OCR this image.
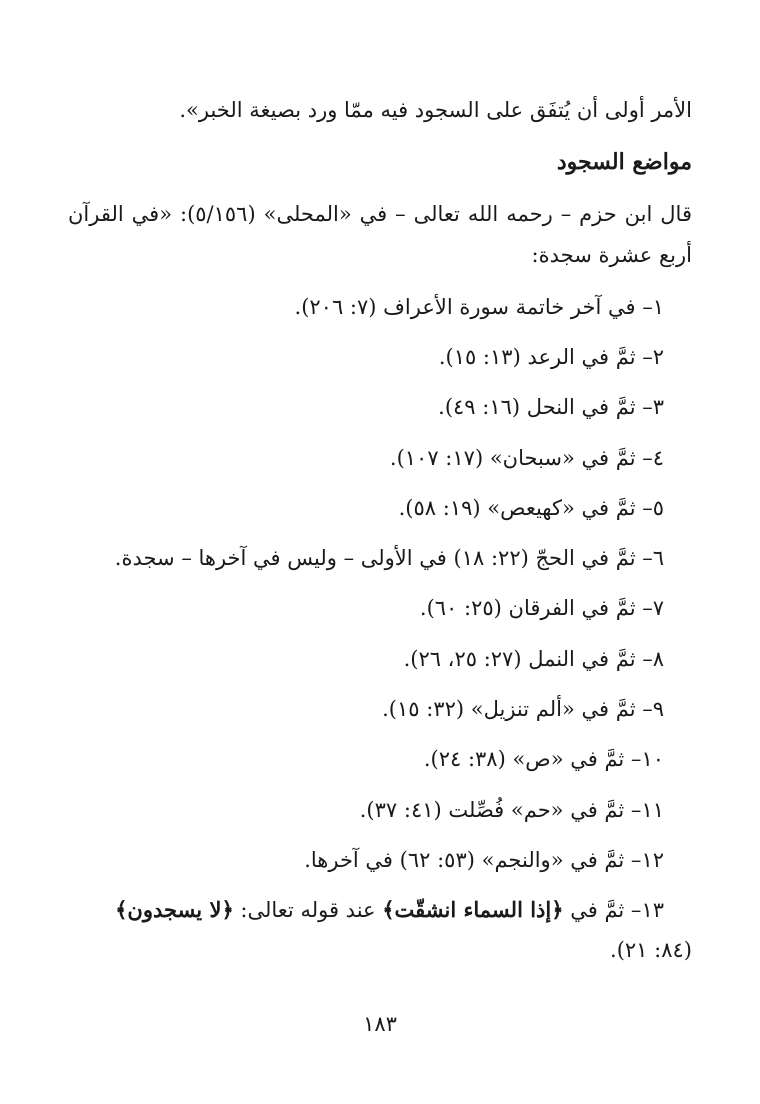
الأمر أولى أن يُتفَق على السجود فيه ممّا ورد بصيغة الخبر».
مواضع السجود
قال ابن حزم – رحمه الله تعالى – في «المحلى» (٥/١٥٦): «في القرآن
أربع عشرة سجدة:
١– في آخر خاتمة سورة الأعراف (٧: ٢٠٦).
٢– ثمَّ في الرعد (١٣: ١٥).
٣– ثمَّ في النحل (١٦: ٤٩).
٤– ثمَّ في «سبحان» (١٧: ١٠٧).
٥– ثمَّ في «كهيعص» (١٩: ٥٨).
٦– ثمَّ في الحجّ (٢٢: ١٨) في الأولى – وليس في آخرها – سجدة.
٧– ثمَّ في الفرقان (٢٥: ٦٠).
٨– ثمَّ في النمل (٢٧: ٢٥، ٢٦).
٩– ثمَّ في «ألم تنزيل» (٣٢: ١٥).
١٠– ثمَّ في «ص» (٣٨: ٢٤).
١١– ثمَّ في «حم» فُصِّلت (٤١: ٣٧).
١٢– ثمَّ في «والنجم» (٥٣: ٦٢) في آخرها.
١٣– ثمَّ في ﴿إذا السماء انشقّت﴾ عند قوله تعالى: ﴿لا يسجدون﴾
(٨٤: ٢١).
١٨٣
